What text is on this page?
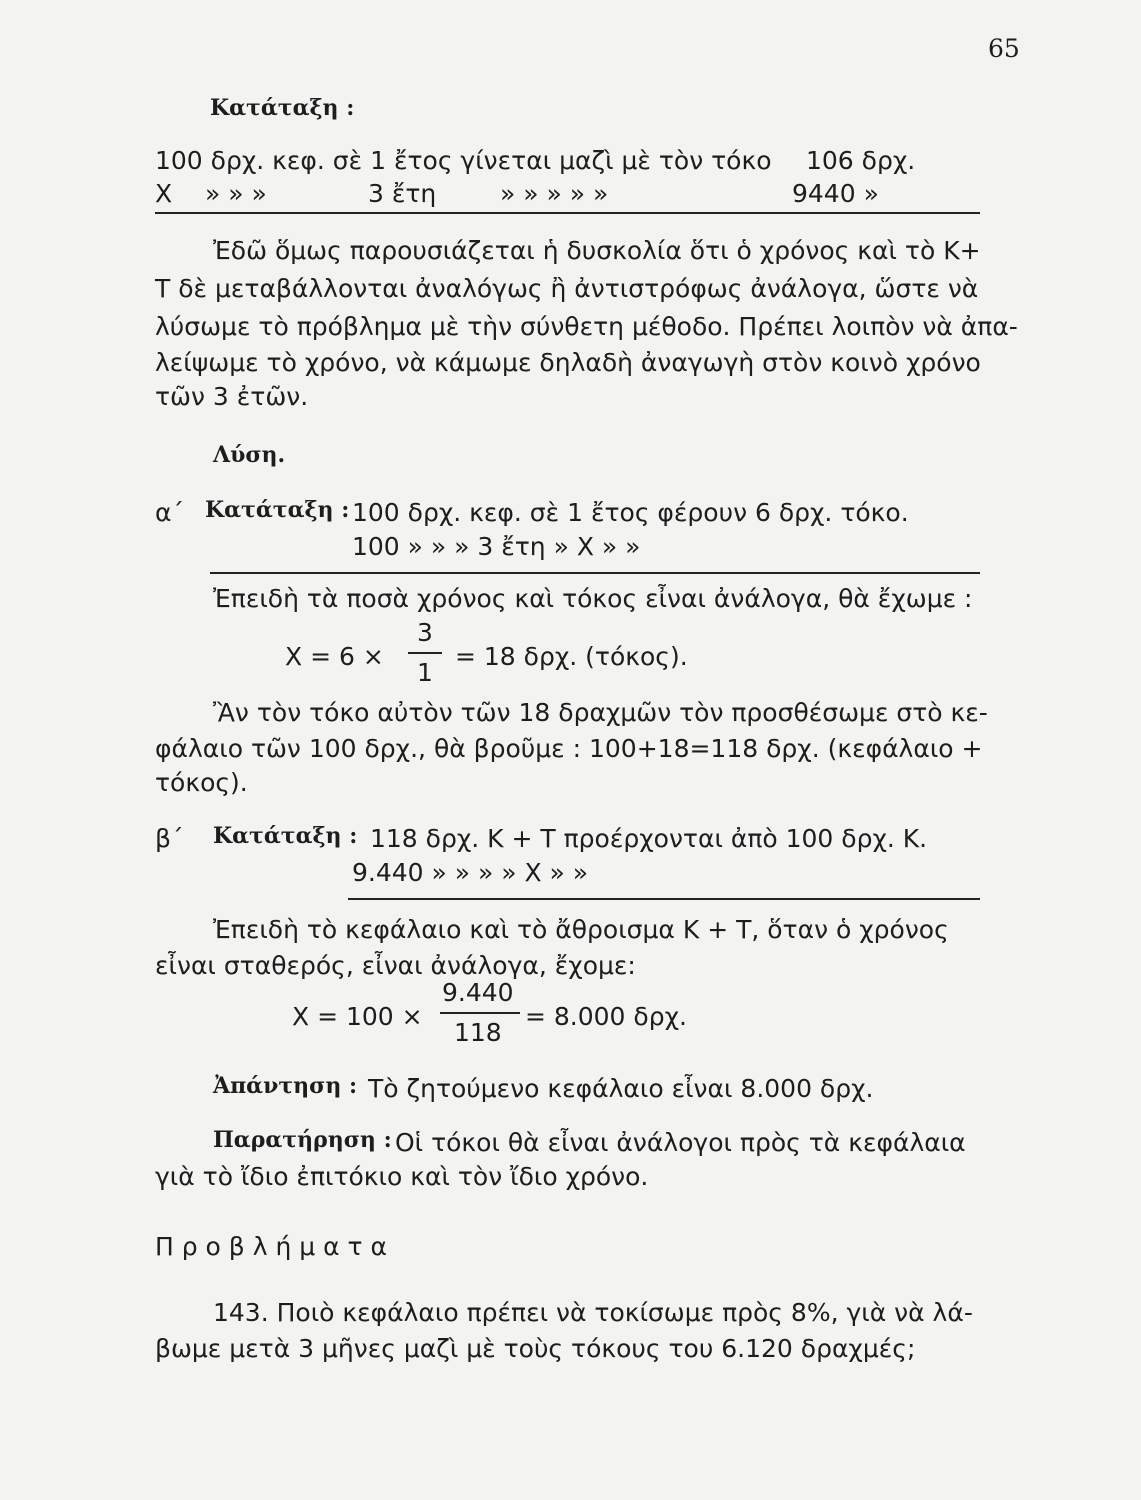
65
Κατάταξη :
100 δρχ. κεφ. σὲ 1 ἔτος γίνεται μαζὶ μὲ τὸν τόκο 106 δρχ.
Χ » » »	3 ἔτη	» » » » »	9440 »
Ἐδῶ ὅμως παρουσιάζεται ἡ δυσκολία ὅτι ὁ χρόνος καὶ τὸ Κ+
Τ δὲ μεταβάλλονται ἀναλόγως ἢ ἀντιστρόφως ἀνάλογα, ὥστε νὰ
λύσωμε τὸ πρόβλημα μὲ τὴν σύνθετη μέθοδο. Πρέπει λοιπὸν νὰ ἀπα-
λείψωμε τὸ χρόνο, νὰ κάμωμε δηλαδὴ ἀναγωγὴ στὸν κοινὸ χρόνο
τῶν 3 ἐτῶν.
Λύση.
α΄ Κατάταξη : 100 δρχ. κεφ. σὲ 1 ἔτος φέρουν 6 δρχ. τόκο.
100 » » » 3 ἔτη » Χ » »
Ἐπειδὴ τὰ ποσὰ χρόνος καὶ τόκος εἶναι ἀνάλογα, θὰ ἔχωμε :
Χ = 6 ×
3
1
= 18 δρχ. (τόκος).
Ἂν τὸν τόκο αὐτὸν τῶν 18 δραχμῶν τὸν προσθέσωμε στὸ κε-
φάλαιο τῶν 100 δρχ., θὰ βροῦμε : 100+18=118 δρχ. (κεφάλαιο +
τόκος).
β΄ Κατάταξη : 118 δρχ. Κ + Τ προέρχονται ἀπὸ 100 δρχ. Κ.
9.440 » » » » Χ » »
Ἐπειδὴ τὸ κεφάλαιο καὶ τὸ ἄθροισμα Κ + Τ, ὅταν ὁ χρόνος
εἶναι σταθερός, εἶναι ἀνάλογα, ἔχομε:
Χ = 100 ×
9.440
118
= 8.000 δρχ.
Ἀπάντηση : Τὸ ζητούμενο κεφάλαιο εἶναι 8.000 δρχ.
Παρατήρηση : Οἱ τόκοι θὰ εἶναι ἀνάλογοι πρὸς τὰ κεφάλαια
γιὰ τὸ ἴδιο ἐπιτόκιο καὶ τὸν ἴδιο χρόνο.
Π ρ ο β λ ή μ α τ α
143. Ποιὸ κεφάλαιο πρέπει νὰ τοκίσωμε πρὸς 8%, γιὰ νὰ λά-
βωμε μετὰ 3 μῆνες μαζὶ μὲ τοὺς τόκους του 6.120 δραχμές;
